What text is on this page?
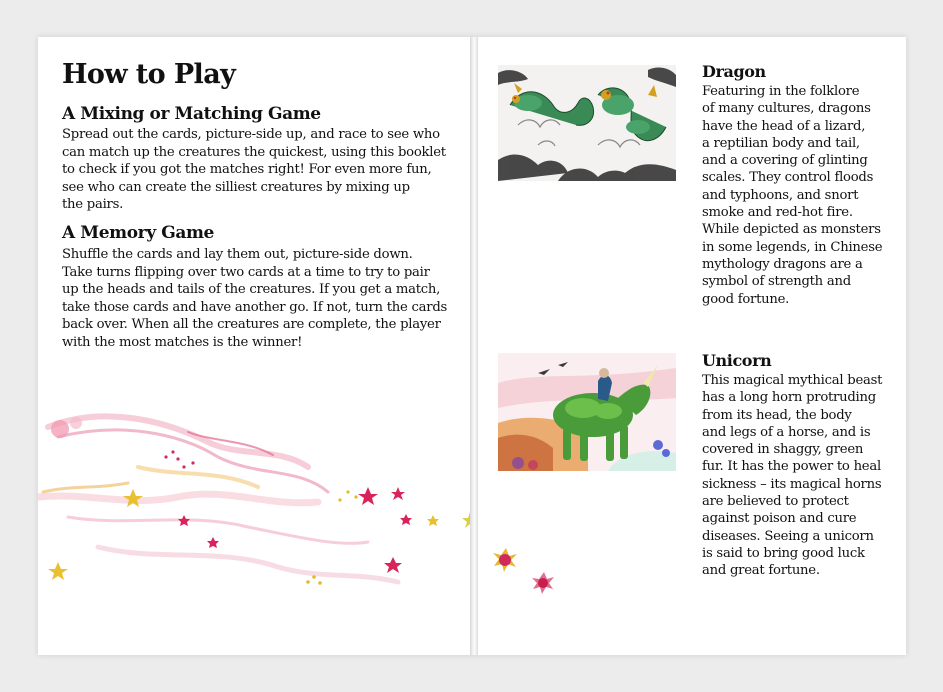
How to Play
A Mixing or Matching Game
Spread out the cards, picture-side up, and race to see who
can match up the creatures the quickest, using this booklet
to check if you got the matches right! For even more fun,
see who can create the silliest creatures by mixing up
the pairs.
A Memory Game
Shuffle the cards and lay them out, picture-side down.
Take turns flipping over two cards at a time to try to pair
up the heads and tails of the creatures. If you get a match,
take those cards and have another go. If not, turn the cards
back over. When all the creatures are complete, the player
with the most matches is the winner!
Dragon
Featuring in the folklore
of many cultures, dragons
have the head of a lizard,
a reptilian body and tail,
and a covering of glinting
scales. They control floods
and typhoons, and snort
smoke and red-hot fire.
While depicted as monsters
in some legends, in Chinese
mythology dragons are a
symbol of strength and
good fortune.
Unicorn
This magical mythical beast
has a long horn protruding
from its head, the body
and legs of a horse, and is
covered in shaggy, green
fur. It has the power to heal
sickness – its magical horns
are believed to protect
against poison and cure
diseases. Seeing a unicorn
is said to bring good luck
and great fortune.
